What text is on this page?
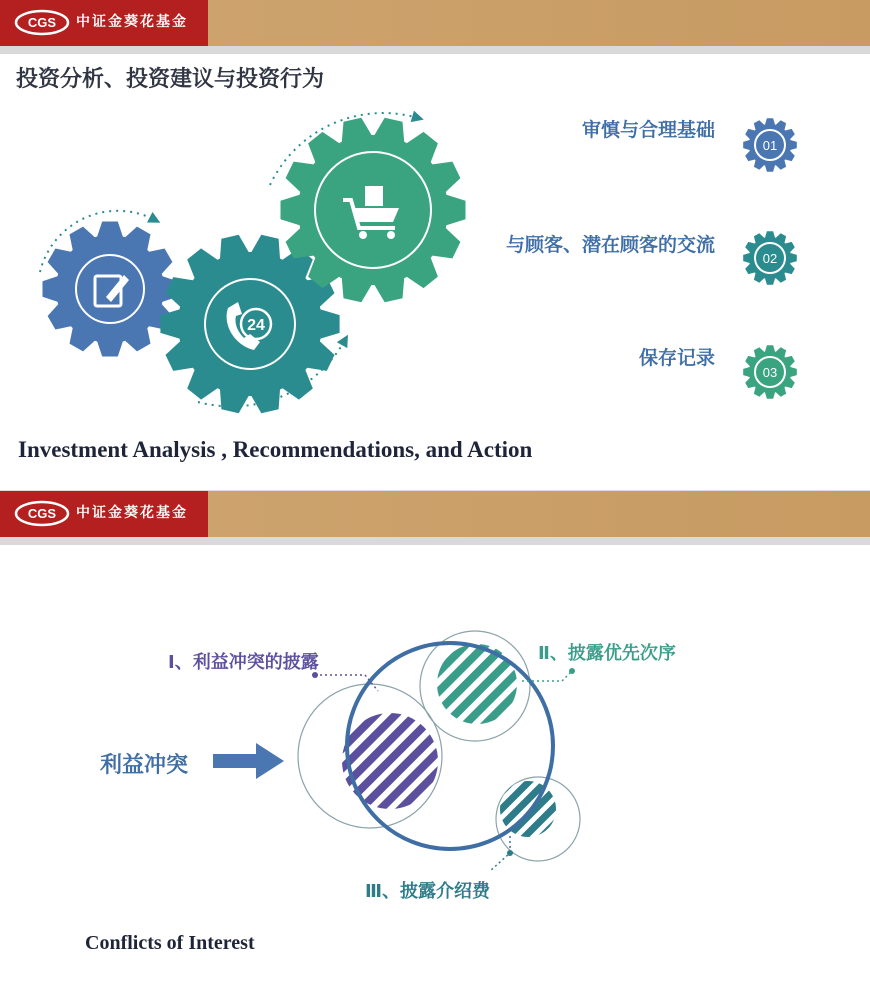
CGS 中证金葵花基金
投资分析、投资建议与投资行为
24
01
02
03
审慎与合理基础
与顾客、潜在顾客的交流
保存记录
Investment Analysis , Recommendations, and Action
CGS 中证金葵花基金
Ⅰ、利益冲突的披露	Ⅱ、披露优先次序
Ⅲ、披露介绍费
利益冲突
Conflicts of Interest
